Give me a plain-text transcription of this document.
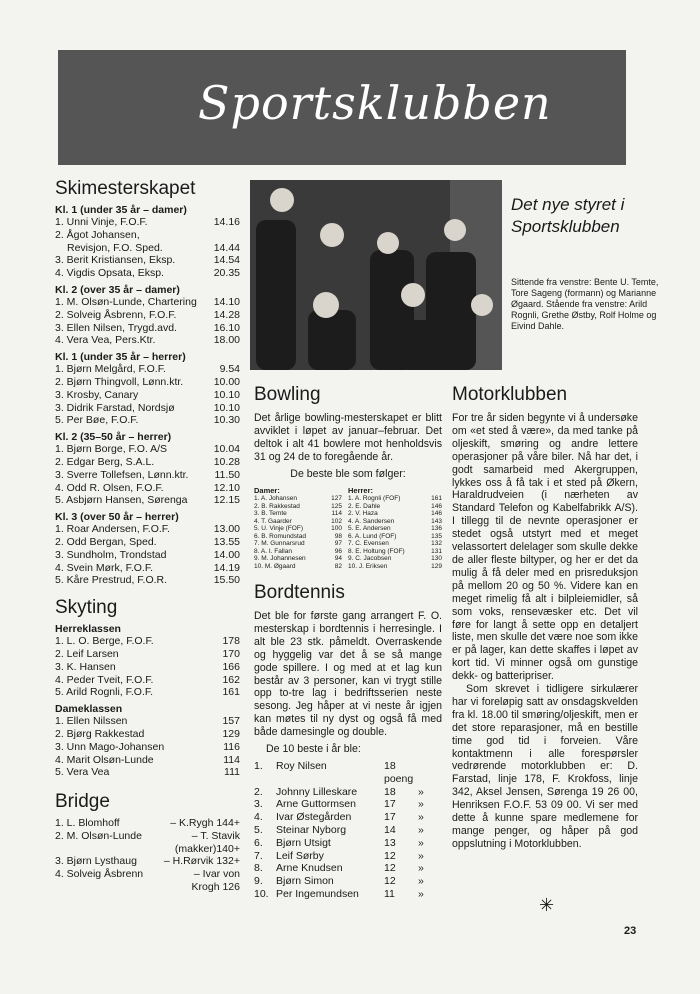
Sportsklubben
Skimesterskapet
Kl. 1 (under 35 år – damer)
1. Unni Vinje, F.O.F.	14.16
2. Ågot Johansen,
Revisjon, F.O. Sped.	14.44
3. Berit Kristiansen, Eksp.	14.54
4. Vigdis Opsata, Eksp.	20.35
Kl. 2 (over 35 år – damer)
1. M. Olsøn-Lunde, Chartering 14.10
2. Solveig Åsbrenn, F.O.F.	14.28
3. Ellen Nilsen, Trygd.avd.	16.10
4. Vera Vea, Pers.Ktr.	18.00
Kl. 1 (under 35 år – herrer)
1. Bjørn Melgård, F.O.F.	9.54
2. Bjørn Thingvoll, Lønn.ktr.	10.00
3. Krosby, Canary	10.10
3. Didrik Farstad, Nordsjø	10.10
5. Per Bøe, F.O.F.	10.30
Kl. 2 (35–50 år – herrer)
1. Bjørn Borge, F.O. A/S	10.04
2. Edgar Berg, S.A.L.	10.28
3. Sverre Tollefsen, Lønn.ktr. 11.50
4. Odd R. Olsen, F.O.F.	12.10
5. Asbjørn Hansen, Sørenga 12.15
Kl. 3 (over 50 år – herrer)
1. Roar Andersen, F.O.F.	13.00
2. Odd Bergan, Sped.	13.55
3. Sundholm, Trondstad	14.00
4. Svein Mørk, F.O.F.	14.19
5. Kåre Prestrud, F.O.R.	15.50
Skyting
Herreklassen
1. L. O. Berge, F.O.F.	178
2. Leif Larsen	170
3. K. Hansen	166
4. Peder Tveit, F.O.F.	162
5. Arild Rognli, F.O.F.	161
Dameklassen
1. Ellen Nilssen	157
2. Bjørg Rakkestad	129
3. Unn Mago-Johansen	116
4. Marit Olsøn-Lunde	114
5. Vera Vea	111
Bridge
1. L. Blomhoff	– K.Rygh 144+
2. M. Olsøn-Lunde	– T. Stavik
(makker)140+
3. Bjørn Lysthaug	– H.Rørvik 132+
4. Solveig Åsbrenn	– Ivar von
Krogh 126
Det nye styret i Sportsklubben
Sittende fra venstre: Bente U. Temte, Tore Sageng (formann) og Marianne Øgaard. Stående fra venstre: Arild Rognli, Grethe Østby, Rolf Holme og Eivind Dahle.
Bowling

Det årlige bowling-mesterskapet er blitt avviklet i løpet av januar–februar. Det deltok i alt 41 bowlere mot henholdsvis 31 og 24 de to foregående år.

De beste ble som følger:

Damer:
1. A. Johansen	127
2. B. Rakkestad	125
3. B. Temte	114
4. T. Gaarder	102
5. U. Vinje (FOF)	100
6. B. Romundstad	98
7. M. Gunnarsrud	97
8. A. I. Fallan	96
9. M. Johannesen	94
10. M. Øgaard	82
Herrer:
1. A. Rognli (FOF)	161
2. E. Dahle	146
2. V. Haza	146
4. A. Sandersen	143
5. E. Andersen	136
6. A. Lund (FOF)	135
7. C. Evensen	132
8. E. Holtung (FOF)	131
9. C. Jacobsen	130
10. J. Eriksen	129
Bordtennis

Det ble for første gang arrangert F. O. mesterskap i bordtennis i herresingle. I alt ble 23 stk. påmeldt. Overraskende og hyggelig var det å se så mange gode spillere. I og med at et lag kun består av 3 personer, kan vi trygt stille opp to-tre lag i bedriftsserien neste sesong. Jeg håper at vi neste år igjen kan møtes til ny dyst og også få med både damesingle og double.

De 10 beste i år ble:

1.	Roy Nilsen	18 poeng
2.	Johnny Lilleskare	18	»
3.	Arne Guttormsen	17	»
4.	Ivar Østegården	17	»
5.	Steinar Nyborg	14	»
6.	Bjørn Utsigt	13	»
7.	Leif Sørby	12	»
8.	Arne Knudsen	12	»
9.	Bjørn Simon	12	»
10. Per Ingemundsen	11	»
Motorklubben

For tre år siden begynte vi å undersøke om «et sted å være», da med tanke på oljeskift, smøring og andre lettere operasjoner på våre biler. Nå har det, i godt samarbeid med Akergruppen, lykkes oss å få tak i et sted på Økern, Haraldrudveien (i nærheten av Standard Telefon og Kabelfabrikk A/S). I tillegg til de nevnte operasjoner er stedet også utstyrt med et meget velassortert delelager som skulle dekke de aller fleste biltyper, og her er det da mulig å få deler med en prisreduksjon på mellom 20 og 50 %. Videre kan en meget rimelig få alt i bilpleiemidler, så som voks, rensevæsker etc. Det vil føre for langt å sette opp en detaljert liste, men skulle det være noe som ikke er på lager, kan dette skaffes i løpet av kort tid. Vi minner også om gunstige dekk- og batteripriser.

Som skrevet i tidligere sirkulærer har vi foreløpig satt av onsdagskvelden fra kl. 18.00 til smøring/oljeskift, men er det store reparasjoner, må en bestille time god tid i forveien. Våre kontaktmenn i alle forespørsler vedrørende motorklubben er: D. Farstad, linje 178, F. Krokfoss, linje 342, Aksel Jensen, Sørenga 19 26 00, Henriksen F.O.F. 53 09 00. Vi ser med dette å kunne spare medlemene for mange penger, og håper på god oppslutning i Motorklubben.

✳
23
